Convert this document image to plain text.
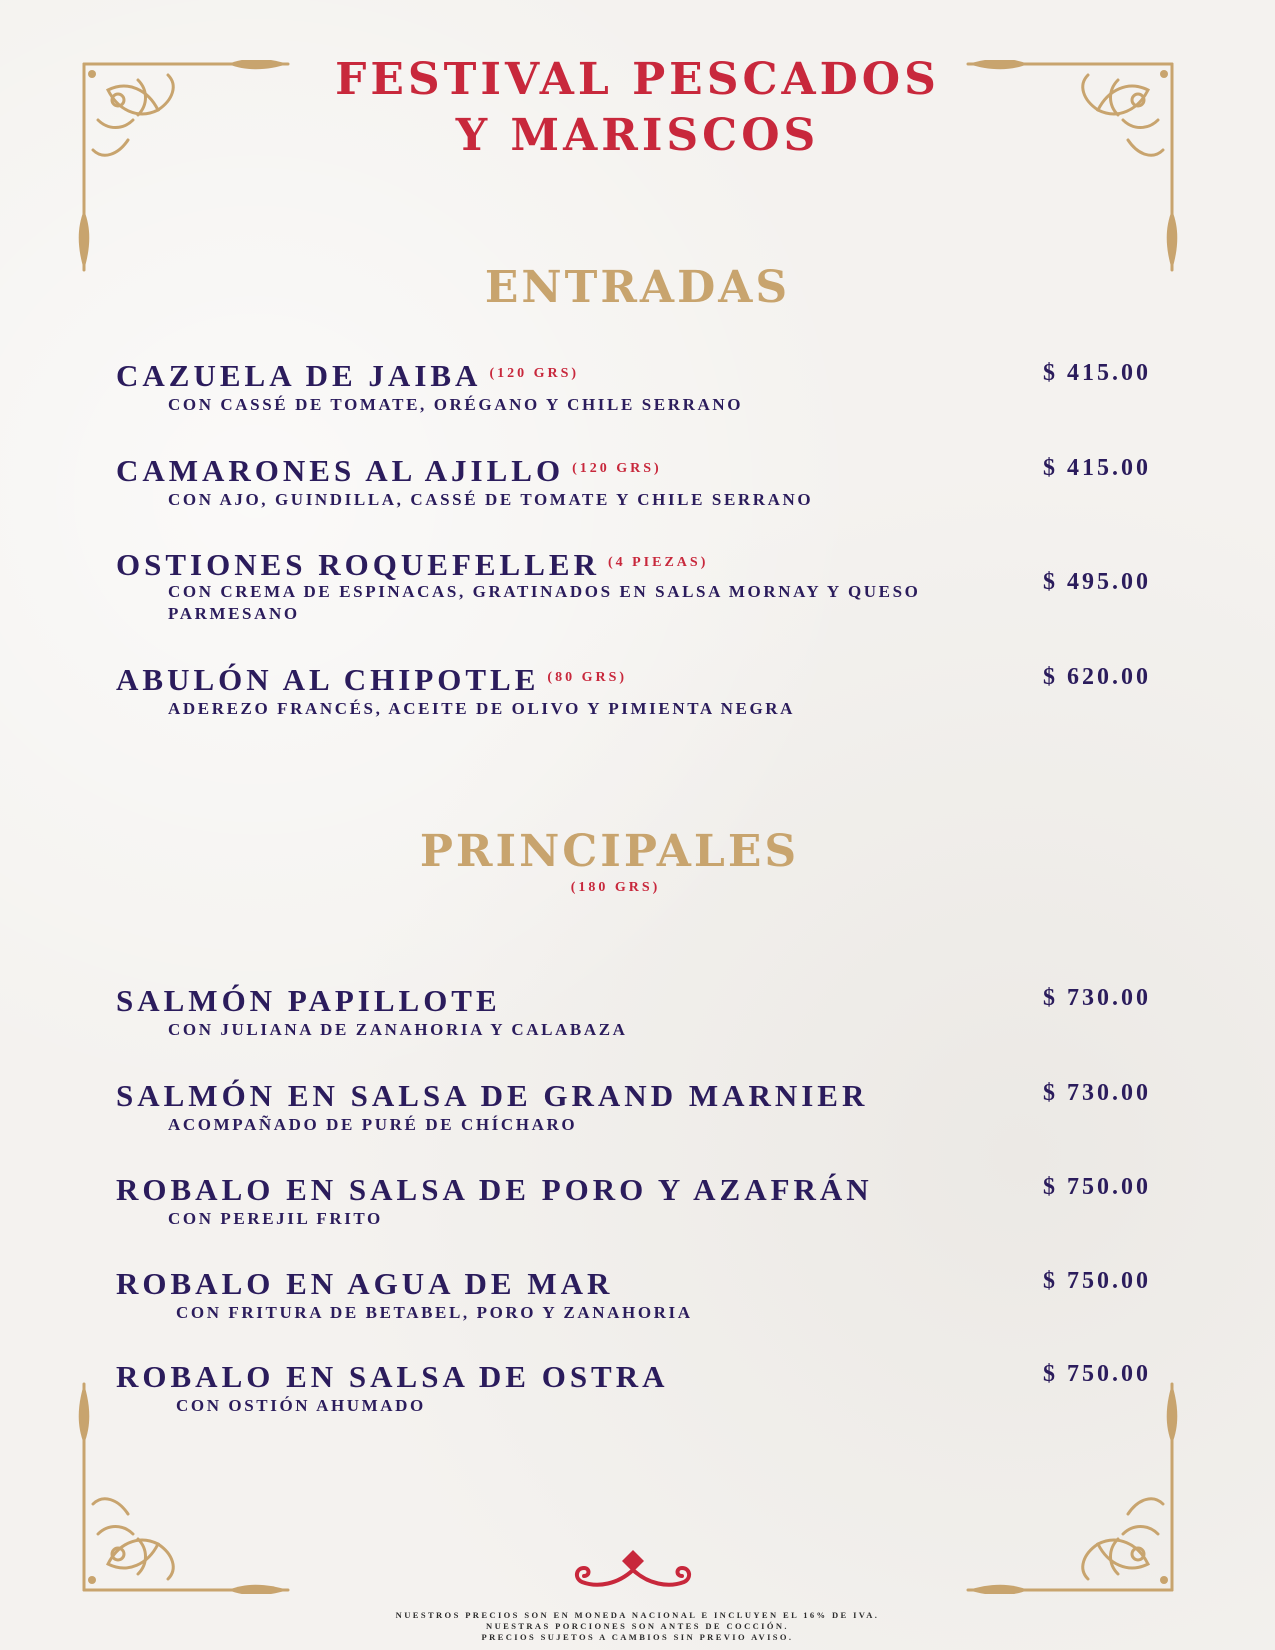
FESTIVAL PESCADOS
Y MARISCOS
ENTRADAS
CAZUELA DE JAIBA $^{(120 GRS)}$
CON CASSÉ DE TOMATE, ORÉGANO Y CHILE SERRANO
$ 415.00
CAMARONES AL AJILLO $^{(120 GRS)}$
CON AJO, GUINDILLA, CASSÉ DE TOMATE Y CHILE SERRANO
$ 415.00
OSTIONES ROQUEFELLER $^{(4 PIEZAS)}$
CON CREMA DE ESPINACAS, GRATINADOS EN SALSA MORNAY Y QUESO PARMESANO
$ 495.00
ABULÓN AL CHIPOTLE $^{(80 GRS)}$
ADEREZO FRANCÉS, ACEITE DE OLIVO Y PIMIENTA NEGRA
$ 620.00
PRINCIPALES
(180 GRS)
SALMÓN PAPILLOTE
CON JULIANA DE ZANAHORIA Y CALABAZA
$ 730.00
SALMÓN EN SALSA DE GRAND MARNIER
ACOMPAÑADO DE PURÉ DE CHÍCHARO
$ 730.00
ROBALO EN SALSA DE PORO Y AZAFRÁN
CON PEREJIL FRITO
$ 750.00
ROBALO EN AGUA DE MAR
CON FRITURA DE BETABEL, PORO Y ZANAHORIA
$ 750.00
ROBALO EN SALSA DE OSTRA
CON OSTIÓN AHUMADO
$ 750.00
NUESTROS PRECIOS SON EN MONEDA NACIONAL E INCLUYEN EL 16% DE IVA.
NUESTRAS PORCIONES SON ANTES DE COCCIÓN.
PRECIOS SUJETOS A CAMBIOS SIN PREVIO AVISO.
